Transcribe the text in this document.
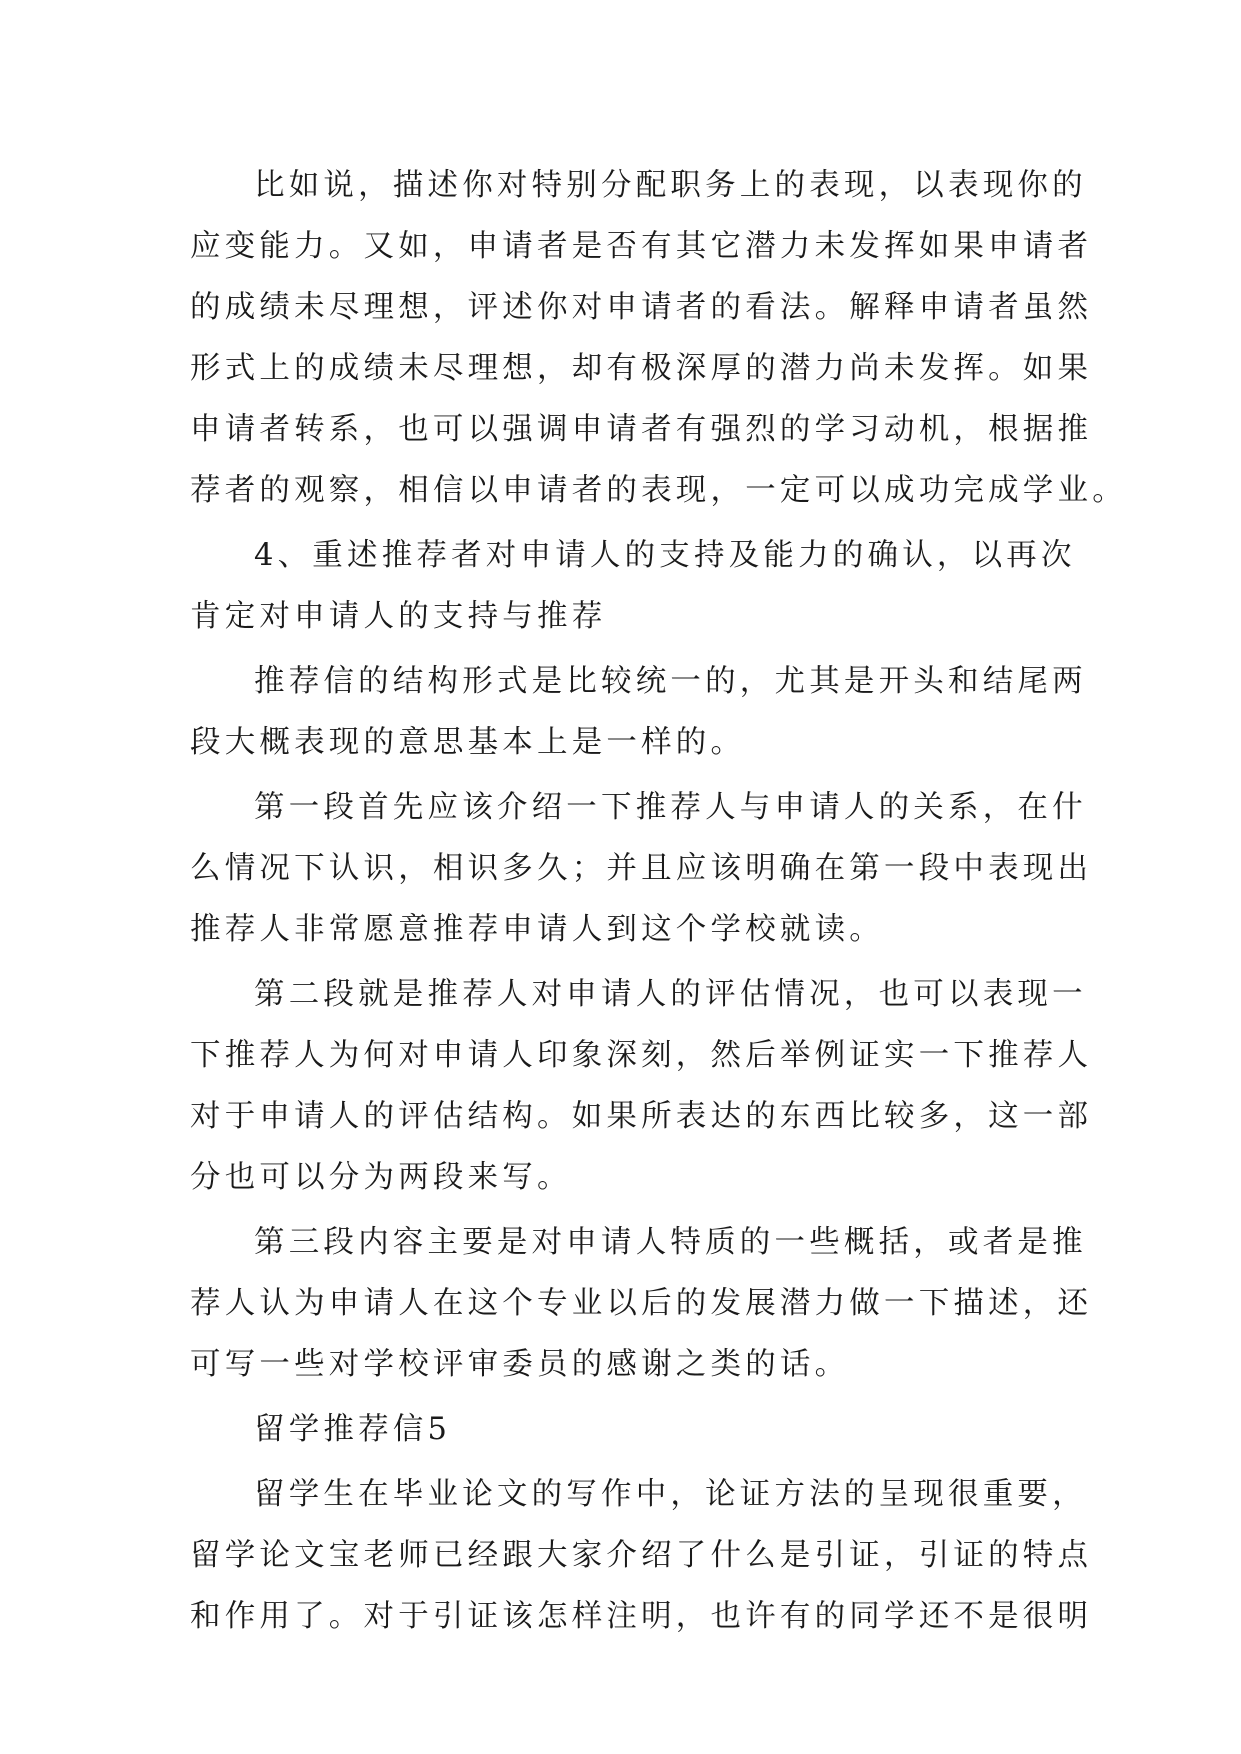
比如说，描述你对特别分配职务上的表现，以表现你的
应变能力。又如，申请者是否有其它潜力未发挥如果申请者
的成绩未尽理想，评述你对申请者的看法。解释申请者虽然
形式上的成绩未尽理想，却有极深厚的潜力尚未发挥。如果
申请者转系，也可以强调申请者有强烈的学习动机，根据推
荐者的观察，相信以申请者的表现，一定可以成功完成学业。
4、重述推荐者对申请人的支持及能力的确认，以再次
肯定对申请人的支持与推荐
推荐信的结构形式是比较统一的，尤其是开头和结尾两
段大概表现的意思基本上是一样的。
第一段首先应该介绍一下推荐人与申请人的关系，在什
么情况下认识，相识多久；并且应该明确在第一段中表现出
推荐人非常愿意推荐申请人到这个学校就读。
第二段就是推荐人对申请人的评估情况，也可以表现一
下推荐人为何对申请人印象深刻，然后举例证实一下推荐人
对于申请人的评估结构。如果所表达的东西比较多，这一部
分也可以分为两段来写。
第三段内容主要是对申请人特质的一些概括，或者是推
荐人认为申请人在这个专业以后的发展潜力做一下描述，还
可写一些对学校评审委员的感谢之类的话。
留学推荐信5
留学生在毕业论文的写作中，论证方法的呈现很重要，
留学论文宝老师已经跟大家介绍了什么是引证，引证的特点
和作用了。对于引证该怎样注明，也许有的同学还不是很明
